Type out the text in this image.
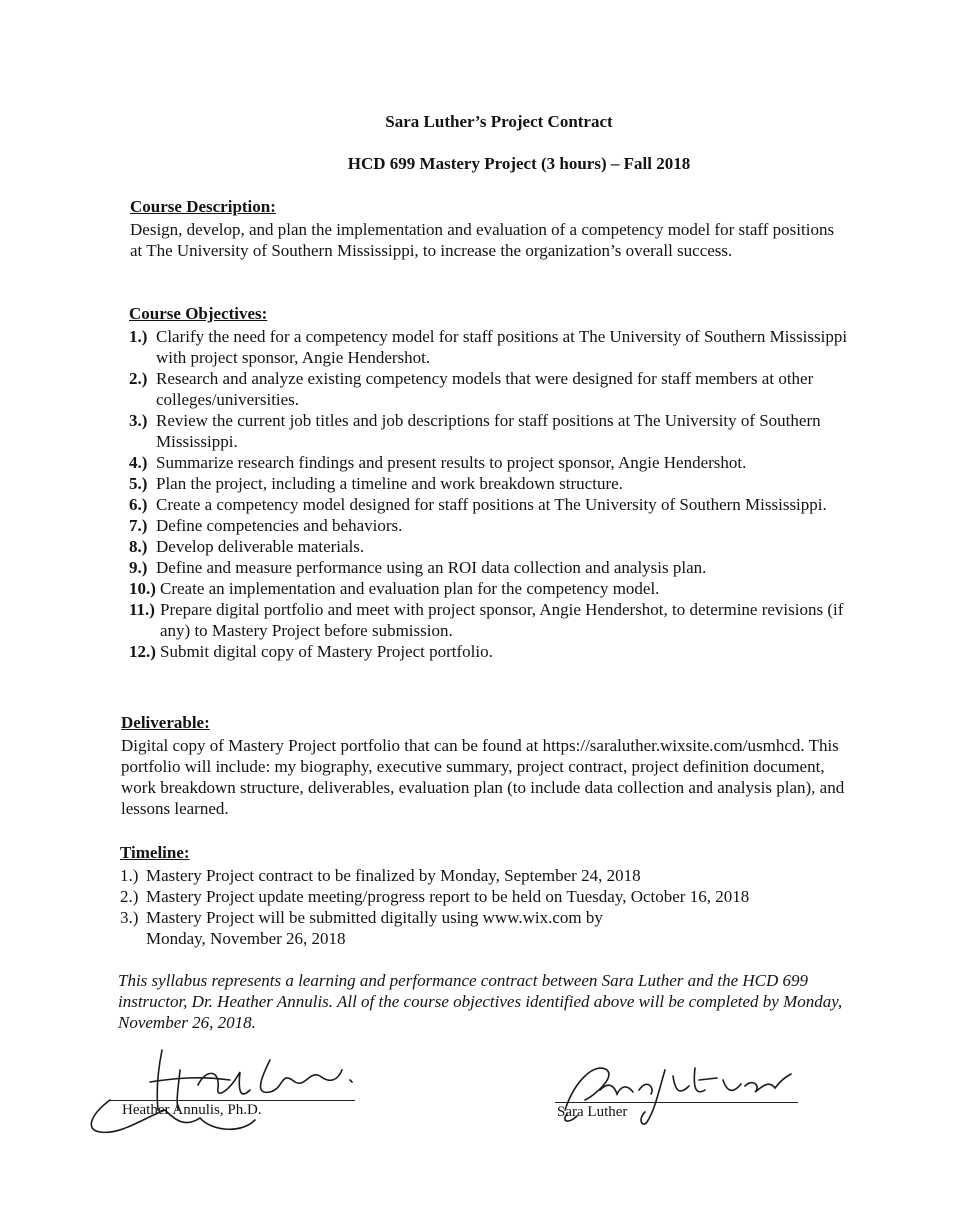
Sara Luther’s Project Contract
HCD 699 Mastery Project (3 hours) – Fall 2018
Course Description:

Design, develop, and plan the implementation and evaluation of a competency model for staff positions at The University of Southern Mississippi, to increase the organization’s overall success.

Course Objectives:
1.) Clarify the need for a competency model for staff positions at The University of Southern Mississippi with project sponsor, Angie Hendershot.
2.) Research and analyze existing competency models that were designed for staff members at other colleges/universities.
3.) Review the current job titles and job descriptions for staff positions at The University of Southern Mississippi.
4.) Summarize research findings and present results to project sponsor, Angie Hendershot.
5.) Plan the project, including a timeline and work breakdown structure.
6.) Create a competency model designed for staff positions at The University of Southern Mississippi.
7.) Define competencies and behaviors.
8.) Develop deliverable materials.
9.) Define and measure performance using an ROI data collection and analysis plan.
10.) Create an implementation and evaluation plan for the competency model.
11.) Prepare digital portfolio and meet with project sponsor, Angie Hendershot, to determine revisions (if any) to Mastery Project before submission.
12.) Submit digital copy of Mastery Project portfolio.
Deliverable:

Digital copy of Mastery Project portfolio that can be found at https://saraluther.wixsite.com/usmhcd. This portfolio will include: my biography, executive summary, project contract, project definition document, work breakdown structure, deliverables, evaluation plan (to include data collection and analysis plan), and lessons learned.

Timeline:
1.) Mastery Project contract to be finalized by Monday, September 24, 2018
2.) Mastery Project update meeting/progress report to be held on Tuesday, October 16, 2018
3.) Mastery Project will be submitted digitally using www.wix.com by Monday, November 26, 2018
This syllabus represents a learning and performance contract between Sara Luther and the HCD 699 instructor, Dr. Heather Annulis. All of the course objectives identified above will be completed by Monday, November 26, 2018.
Heather Annulis, Ph.D.	Sara Luther
